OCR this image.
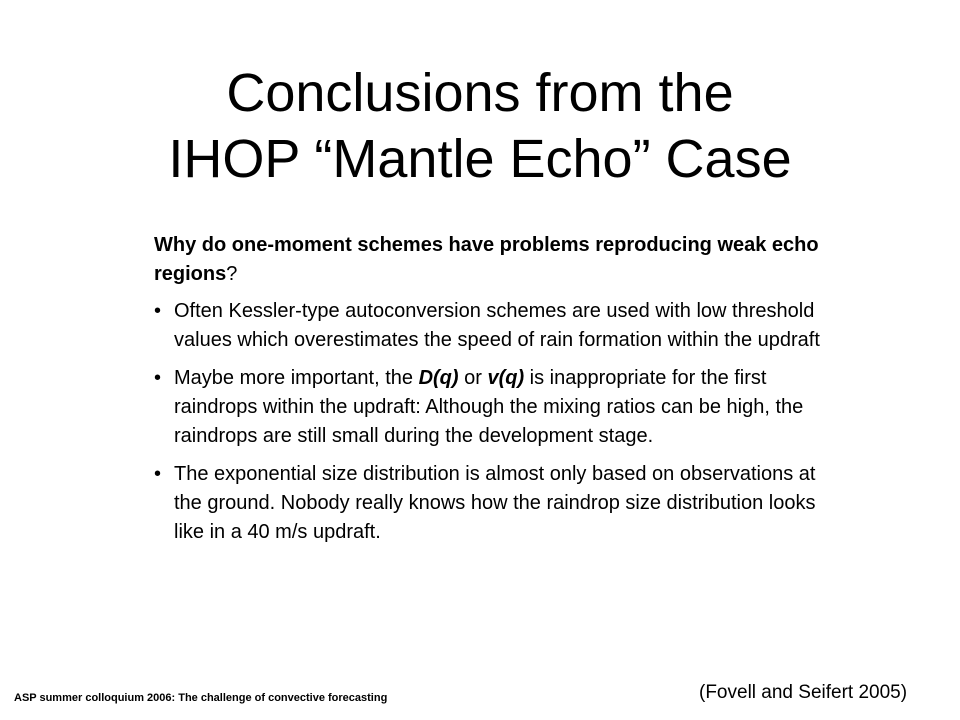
Conclusions from the
IHOP “Mantle Echo” Case

Why do one-moment schemes have problems reproducing weak echo regions?

• Often Kessler-type autoconversion schemes are used with low threshold values which overestimates the speed of rain formation within the updraft
• Maybe more important, the D(q) or v(q) is inappropriate for the first raindrops within the updraft: Although the mixing ratios can be high, the raindrops are still small during the development stage.
• The exponential size distribution is almost only based on observations at the ground. Nobody really knows how the raindrop size distribution looks like in a 40 m/s updraft.
ASP summer colloquium 2006: The challenge of convective forecasting	(Fovell and Seifert 2005)
